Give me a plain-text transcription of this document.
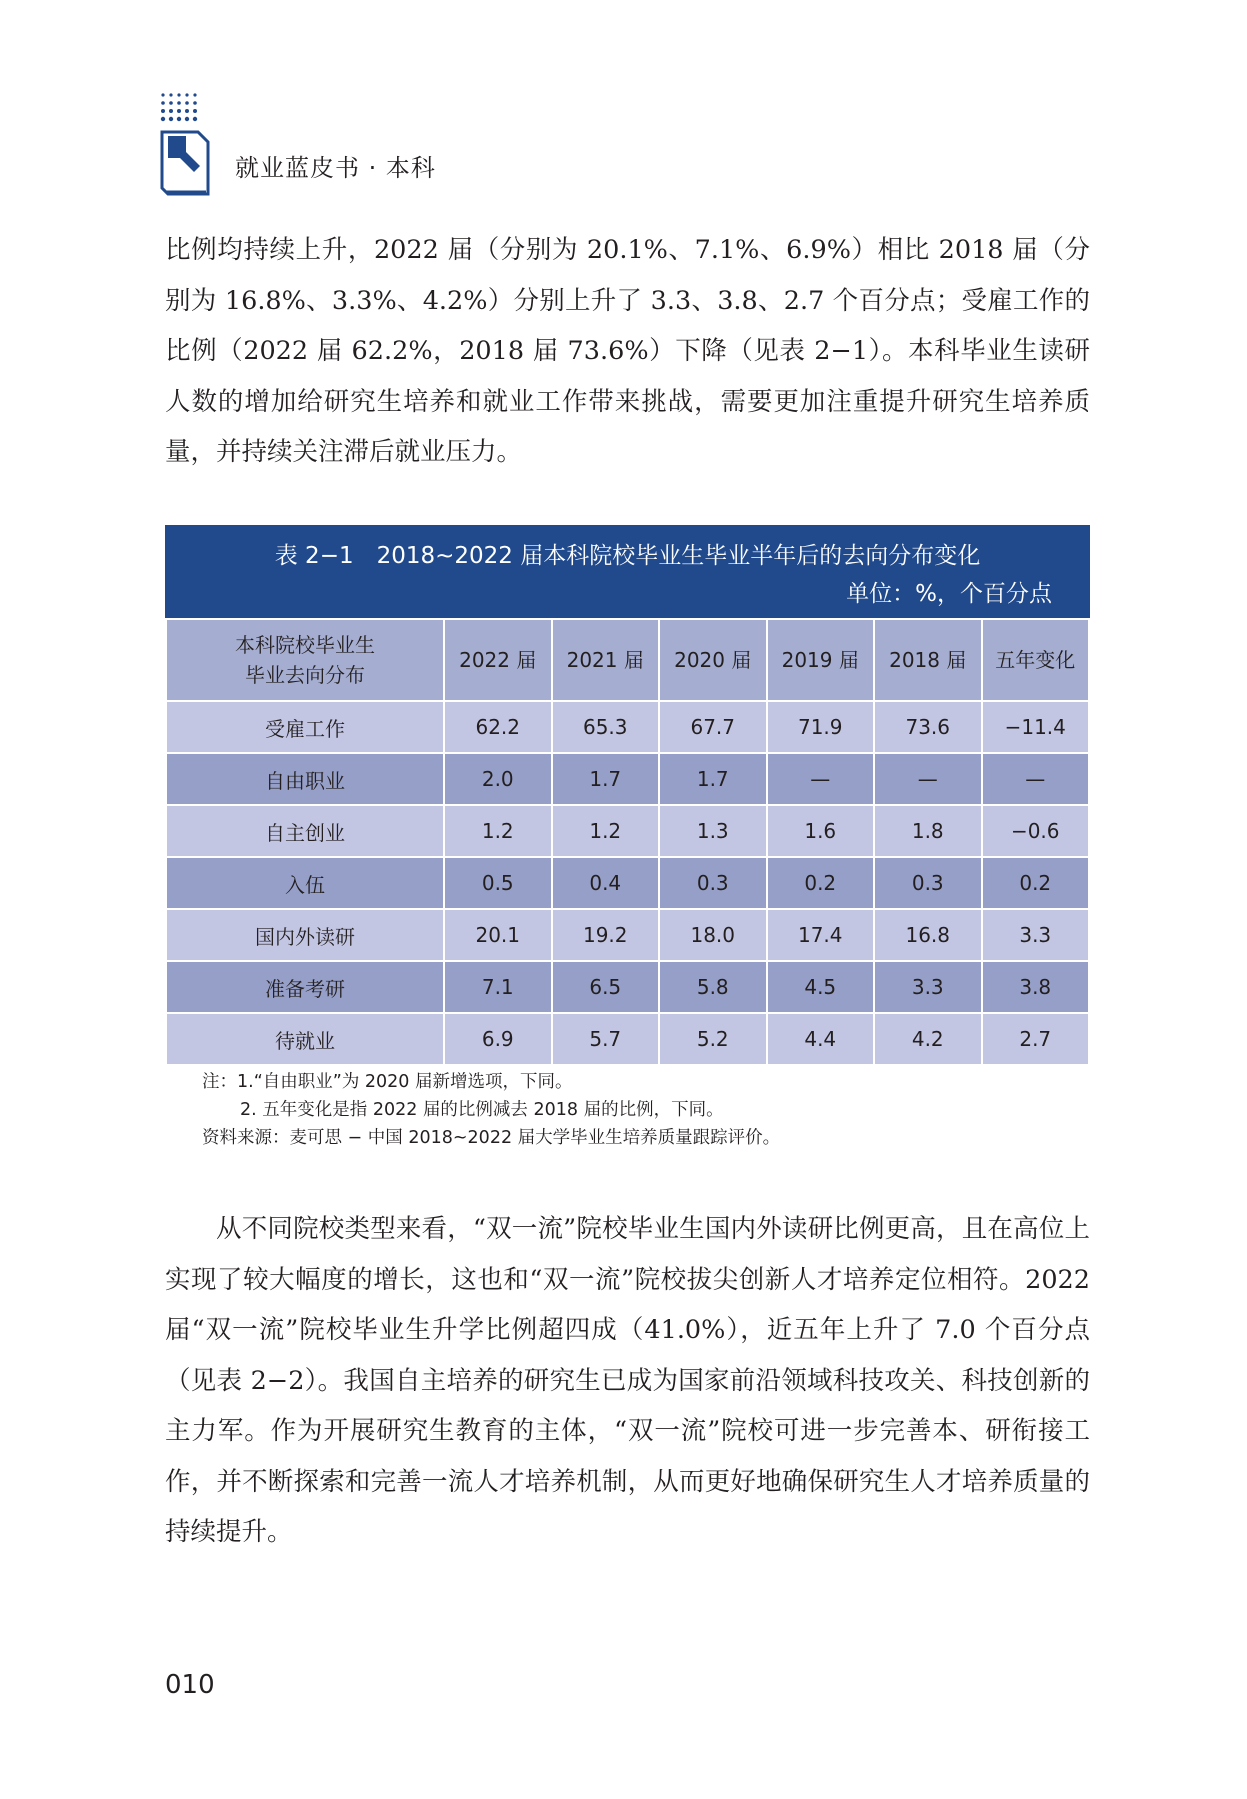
就业蓝皮书 · 本科

比例均持续上升，2022 届（分别为 20.1%、7.1%、6.9%）相比 2018 届（分别为 16.8%、3.3%、4.2%）分别上升了 3.3、3.8、2.7 个百分点；受雇工作的比例（2022 届 62.2%，2018 届 73.6%）下降（见表 2−1）。本科毕业生读研人数的增加给研究生培养和就业工作带来挑战，需要更加注重提升研究生培养质量，并持续关注滞后就业压力。

表 2−1　2018~2022 届本科院校毕业生毕业半年后的去向分布变化
单位：%，个百分点
本科院校毕业生
毕业去向分布	2022 届	2021 届	2020 届	2019 届	2018 届	五年变化
受雇工作	62.2	65.3	67.7	71.9	73.6	−11.4
自由职业	2.0	1.7	1.7	—	—	—
自主创业	1.2	1.2	1.3	1.6	1.8	−0.6
入伍	0.5	0.4	0.3	0.2	0.3	0.2
国内外读研	20.1	19.2	18.0	17.4	16.8	3.3
准备考研	7.1	6.5	5.8	4.5	3.3	3.8
待就业	6.9	5.7	5.2	4.4	4.2	2.7
注：1.“自由职业”为 2020 届新增选项，下同。
2. 五年变化是指 2022 届的比例减去 2018 届的比例，下同。
资料来源：麦可思 − 中国 2018~2022 届大学毕业生培养质量跟踪评价。

从不同院校类型来看，“双一流”院校毕业生国内外读研比例更高，且在高位上实现了较大幅度的增长，这也和“双一流”院校拔尖创新人才培养定位相符。2022 届“双一流”院校毕业生升学比例超四成（41.0%），近五年上升了 7.0 个百分点（见表 2−2）。我国自主培养的研究生已成为国家前沿领域科技攻关、科技创新的主力军。作为开展研究生教育的主体，“双一流”院校可进一步完善本、研衔接工作，并不断探索和完善一流人才培养机制，从而更好地确保研究生人才培养质量的持续提升。

010
